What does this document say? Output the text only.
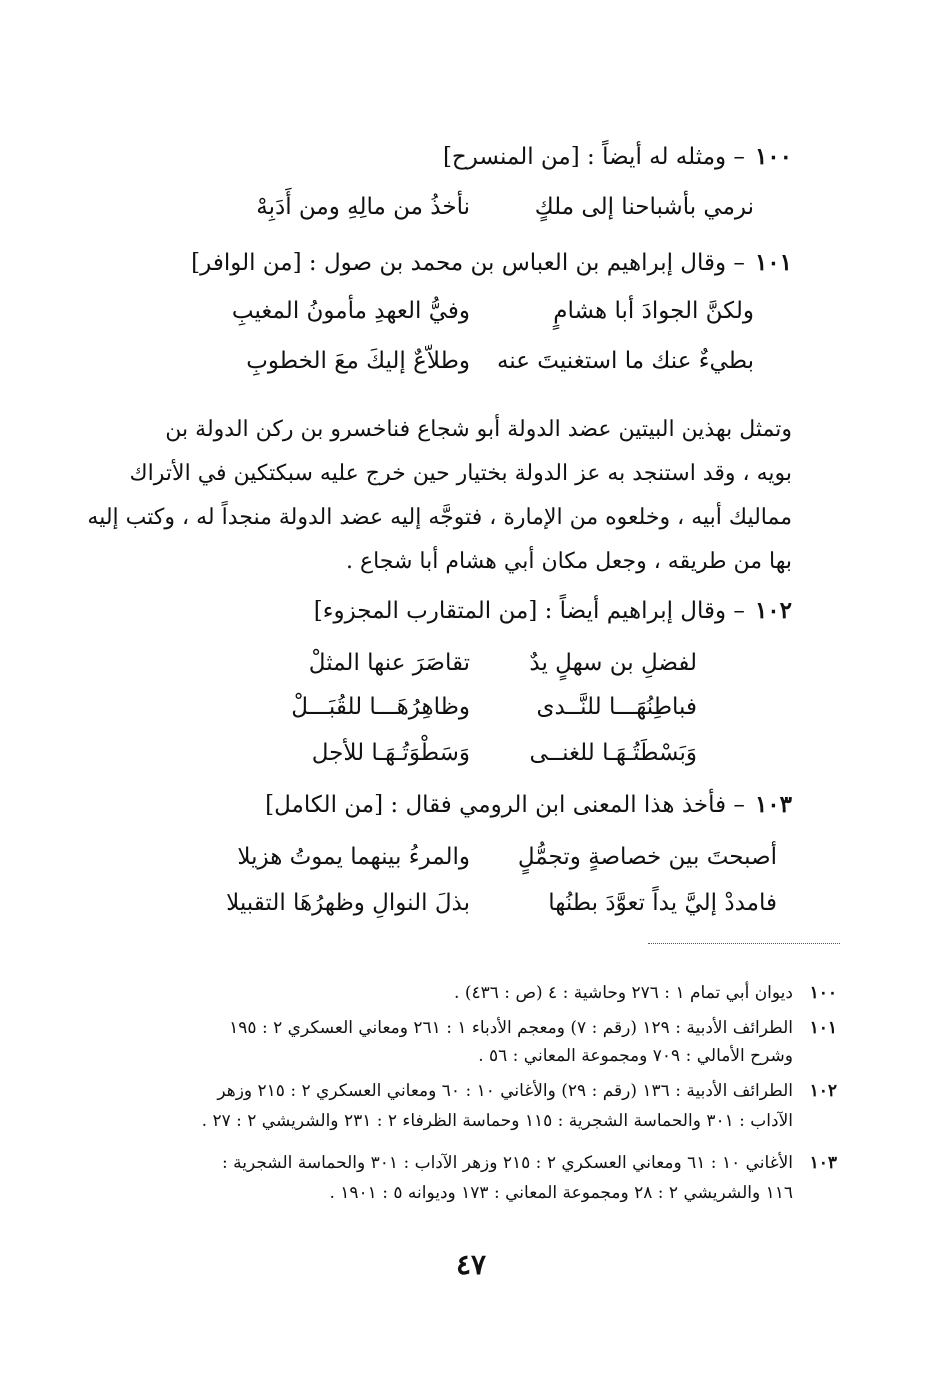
١٠٠– ومثله له أيضاً : [من المنسرح]
نرمي بأشباحنا إلى ملكٍ
نأخذُ من مالِهِ ومن أَدَبِهْ
١٠١– وقال إبراهيم بن العباس بن محمد بن صول : [من الوافر]
ولكنَّ الجوادَ أبا هشامٍ
وفيُّ العهدِ مأمونُ المغيبِ
بطيءٌ عنك ما استغنيتَ عنه
وطلاّعٌ إليكَ معَ الخطوبِ
وتمثل بهذين البيتين عضد الدولة أبو شجاع فناخسرو بن ركن الدولة بن
بويه ، وقد استنجد به عز الدولة بختيار حين خرج عليه سبكتكين في الأتراك
مماليك أبيه ، وخلعوه من الإمارة ، فتوجَّه إليه عضد الدولة منجداً له ، وكتب إليه
بها من طريقه ، وجعل مكان أبي هشام أبا شجاع .
١٠٢– وقال إبراهيم أيضاً : [من المتقارب المجزوء]
لفضلِ بن سهلٍ يدٌ
تقاصَرَ عنها المثلْ
فباطِنُهَـــا للنَّــدى
وظاهِرُهَـــا للقُبَـــلْ
وَبَسْطَتُـهَـا للغنــى
وَسَطْوَتُـهَـا للأجل
١٠٣– فأخذ هذا المعنى ابن الرومي فقال : [من الكامل]
أصبحتَ بين خصاصةٍ وتجمُّلٍ
والمرءُ بينهما يموتُ هزيلا
فامددْ إليَّ يداً تعوَّدَ بطنُها
بذلَ النوالِ وظهرُهَا التقبيلا
١٠٠ديوان أبي تمام ١ : ٢٧٦ وحاشية : ٤ (ص : ٤٣٦) .
١٠١الطرائف الأدبية : ١٢٩ (رقم : ٧) ومعجم الأدباء ١ : ٢٦١ ومعاني العسكري ٢ : ١٩٥
وشرح الأمالي : ٧٠٩ ومجموعة المعاني : ٥٦ .
١٠٢الطرائف الأدبية : ١٣٦ (رقم : ٢٩) والأغاني ١٠ : ٦٠ ومعاني العسكري ٢ : ٢١٥ وزهر
الآداب : ٣٠١ والحماسة الشجرية : ١١٥ وحماسة الظرفاء ٢ : ٢٣١ والشريشي ٢ : ٢٧ .
١٠٣الأغاني ١٠ : ٦١ ومعاني العسكري ٢ : ٢١٥ وزهر الآداب : ٣٠١ والحماسة الشجرية :
١١٦ والشريشي ٢ : ٢٨ ومجموعة المعاني : ١٧٣ وديوانه ٥ : ١٩٠١ .
٤٧
